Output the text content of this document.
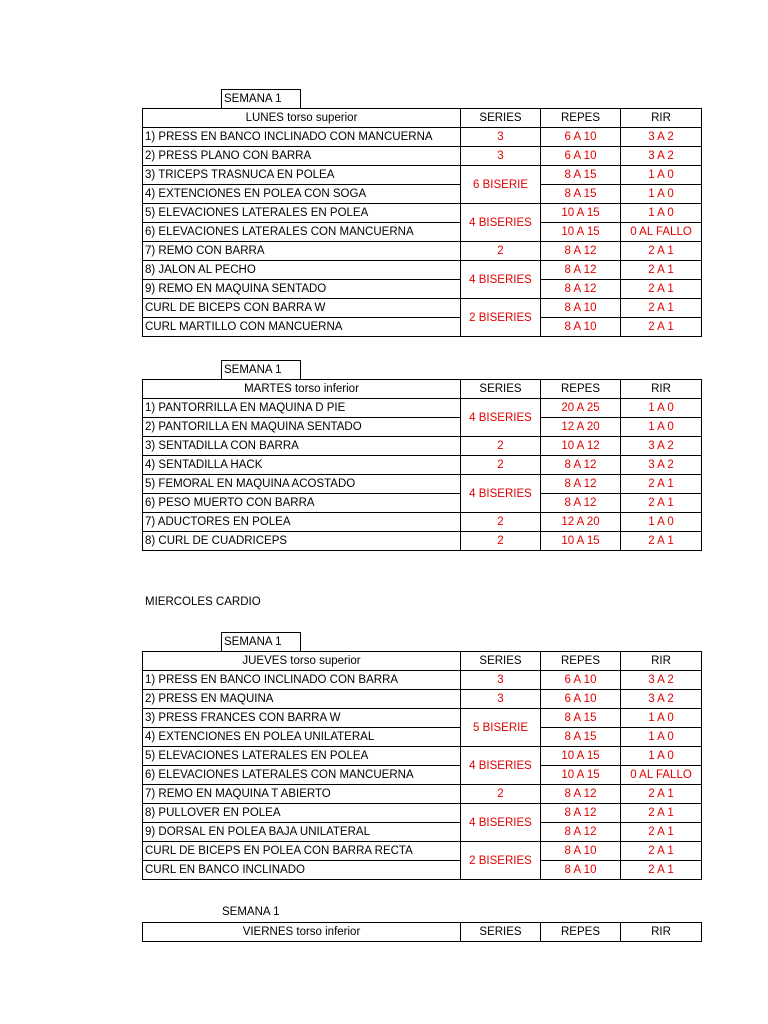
SEMANA 1
LUNES torso superior	SERIES	REPES	RIR
1) PRESS EN BANCO INCLINADO CON MANCUERNA	3	6 A 10	3 A 2
2) PRESS PLANO CON BARRA	3	6 A 10	3 A 2
3) TRICEPS TRASNUCA EN POLEA	6 BISERIE	8 A 15	1 A 0
4) EXTENCIONES EN POLEA CON SOGA		8 A 15	1 A 0
5) ELEVACIONES LATERALES EN POLEA	4 BISERIES	10 A 15	1 A 0
6) ELEVACIONES LATERALES CON MANCUERNA		10 A 15	0 AL FALLO
7) REMO CON BARRA	2	8 A 12	2 A 1
8) JALON AL PECHO	4 BISERIES	8 A 12	2 A 1
9) REMO EN MAQUINA SENTADO		8 A 12	2 A 1
CURL DE BICEPS CON BARRA W	2 BISERIES	8 A 10	2 A 1
CURL MARTILLO CON MANCUERNA		8 A 10	2 A 1
SEMANA 1
MARTES torso inferior	SERIES	REPES	RIR
1) PANTORRILLA EN MAQUINA D PIE	4 BISERIES	20 A 25	1 A 0
2) PANTORILLA EN MAQUINA SENTADO		12 A 20	1 A 0
3) SENTADILLA CON BARRA	2	10 A 12	3 A 2
4) SENTADILLA HACK	2	8 A 12	3 A 2
5) FEMORAL EN MAQUINA ACOSTADO	4 BISERIES	8 A 12	2 A 1
6) PESO MUERTO CON BARRA		8 A 12	2 A 1
7) ADUCTORES EN POLEA	2	12 A 20	1 A 0
8) CURL DE CUADRICEPS	2	10 A 15	2 A 1
MIERCOLES CARDIO
SEMANA 1
JUEVES torso superior	SERIES	REPES	RIR
1) PRESS EN BANCO INCLINADO CON BARRA	3	6 A 10	3 A 2
2) PRESS EN MAQUINA	3	6 A 10	3 A 2
3) PRESS FRANCES CON BARRA W	5 BISERIE	8 A 15	1 A 0
4) EXTENCIONES EN POLEA UNILATERAL		8 A 15	1 A 0
5) ELEVACIONES LATERALES EN POLEA	4 BISERIES	10 A 15	1 A 0
6) ELEVACIONES LATERALES CON MANCUERNA		10 A 15	0 AL FALLO
7) REMO EN MAQUINA T ABIERTO	2	8 A 12	2 A 1
8) PULLOVER EN POLEA	4 BISERIES	8 A 12	2 A 1
9) DORSAL EN POLEA BAJA UNILATERAL		8 A 12	2 A 1
CURL DE BICEPS EN POLEA CON BARRA RECTA	2 BISERIES	8 A 10	2 A 1
CURL EN BANCO INCLINADO		8 A 10	2 A 1
SEMANA 1
VIERNES torso inferior	SERIES	REPES	RIR
